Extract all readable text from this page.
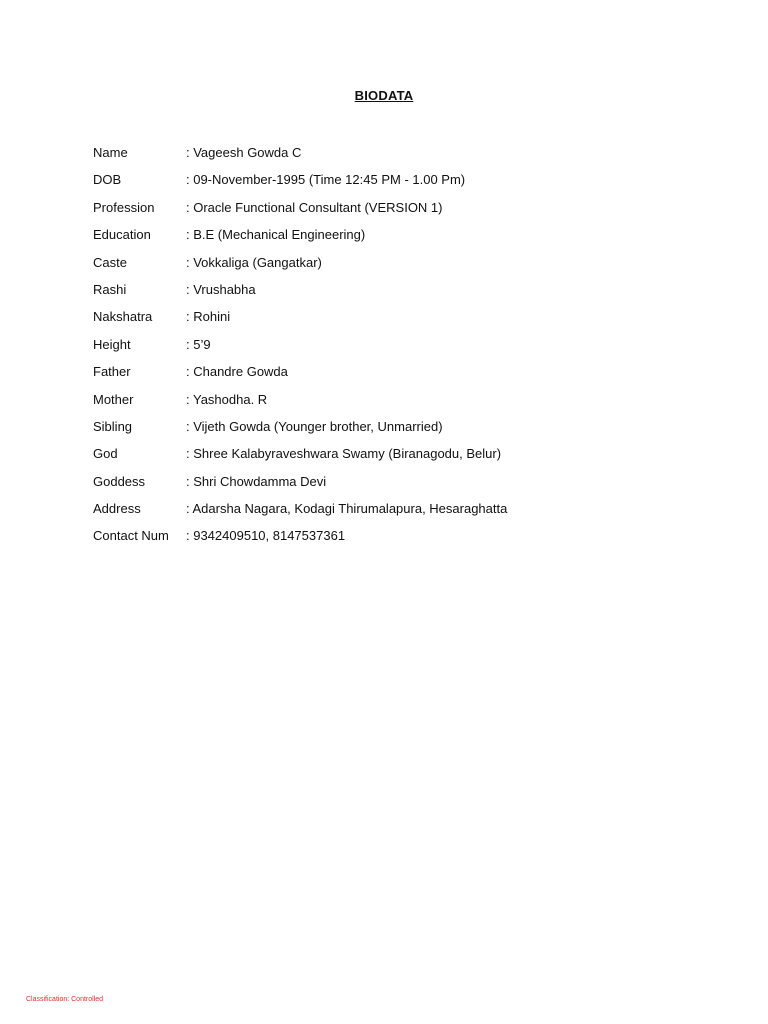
BIODATA
Name	: Vageesh Gowda C
DOB	: 09-November-1995 (Time 12:45 PM - 1.00 Pm)
Profession	: Oracle Functional Consultant (VERSION 1)
Education	: B.E (Mechanical Engineering)
Caste	: Vokkaliga (Gangatkar)
Rashi	: Vrushabha
Nakshatra	: Rohini
Height	: 5’9
Father	: Chandre Gowda
Mother	: Yashodha. R
Sibling	: Vijeth Gowda (Younger brother, Unmarried)
God	: Shree Kalabyraveshwara Swamy (Biranagodu, Belur)
Goddess	: Shri Chowdamma Devi
Address	: Adarsha Nagara, Kodagi Thirumalapura, Hesaraghatta
Contact Num	: 9342409510, 8147537361
Classification: Controlled
